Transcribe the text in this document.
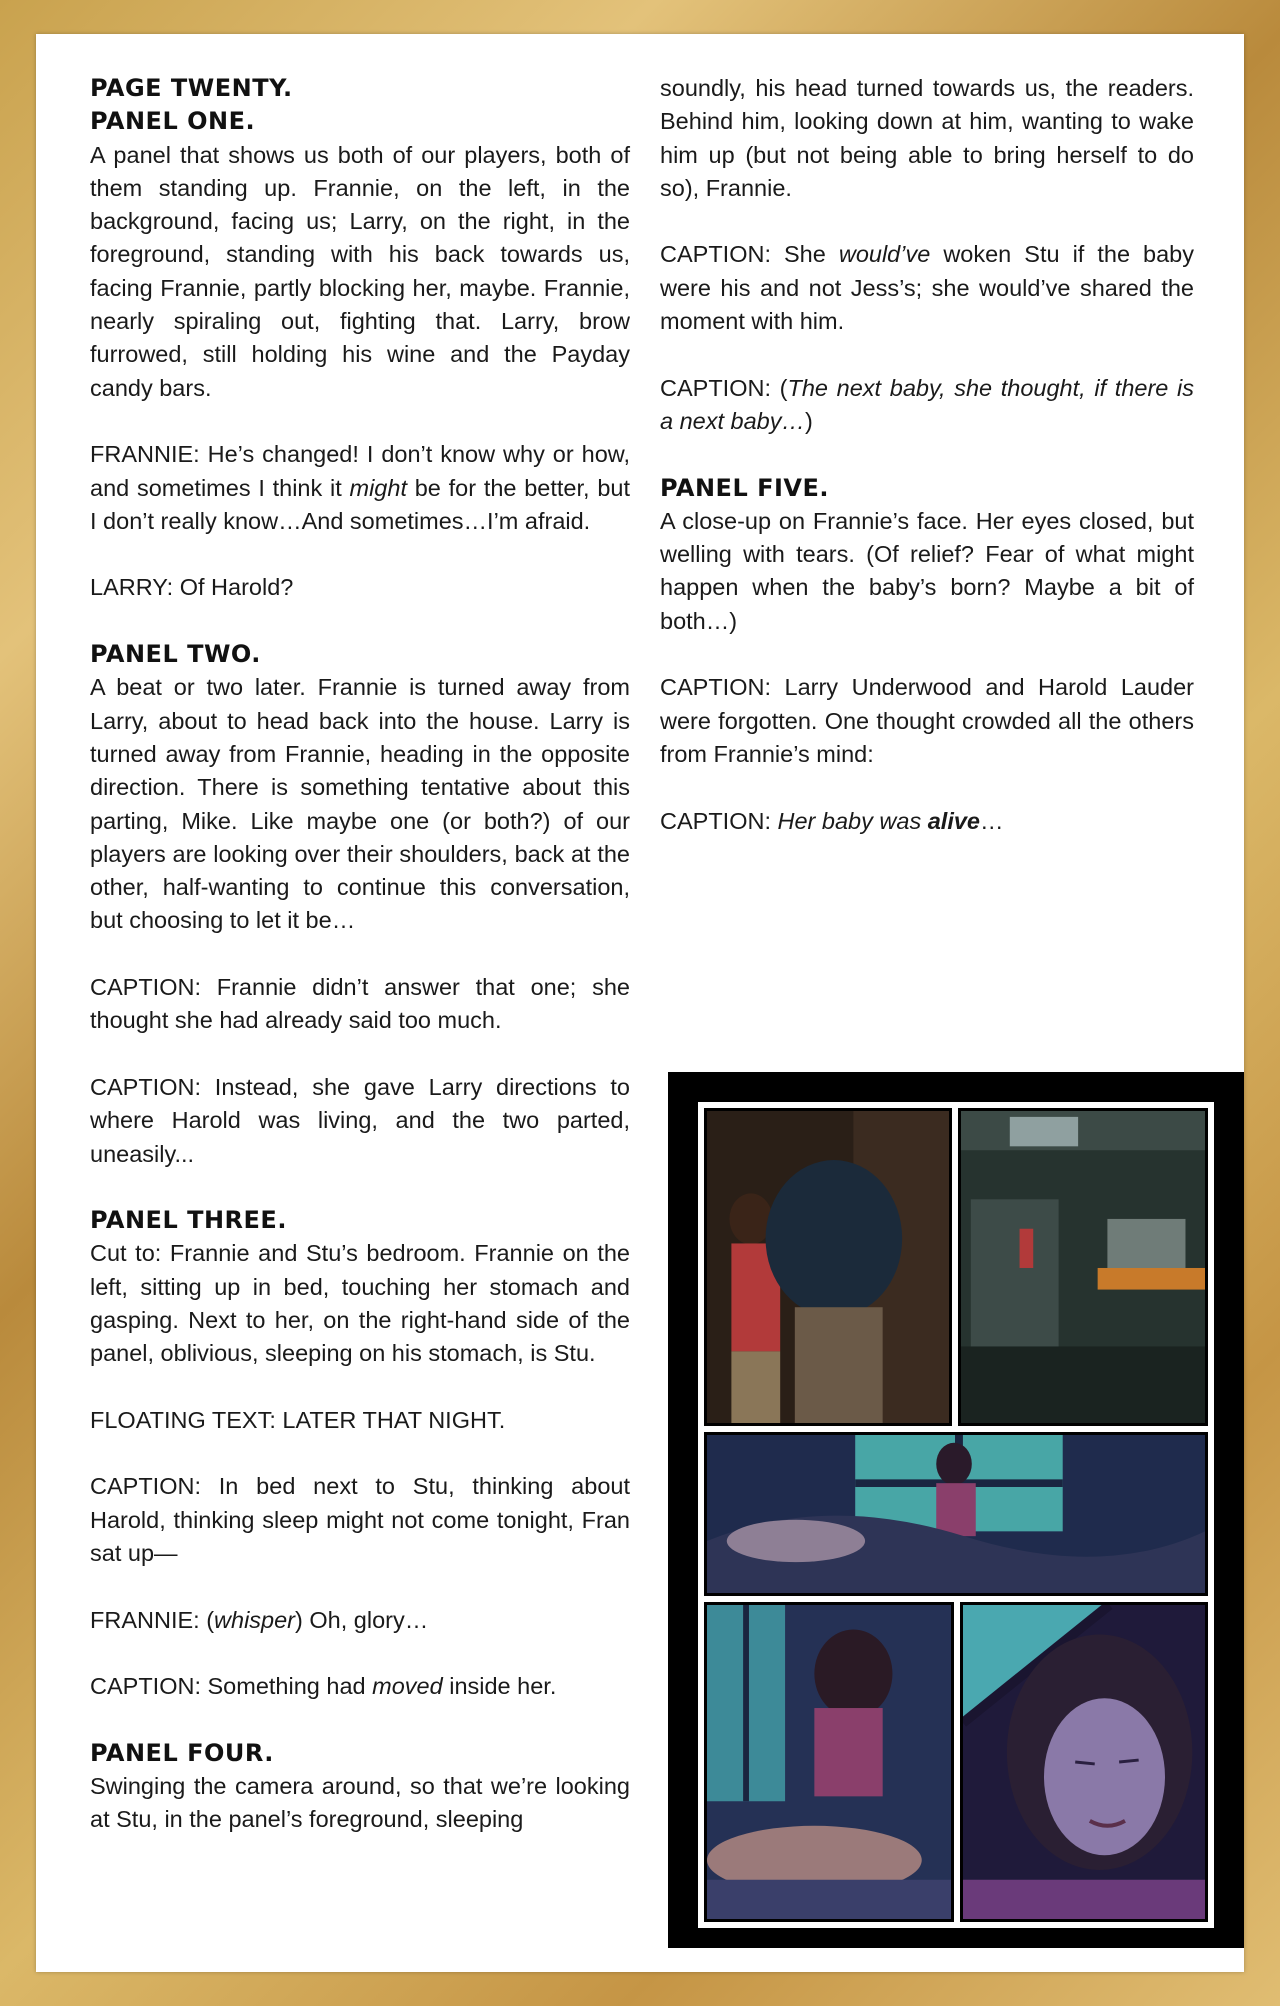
PAGE TWENTY.
PANEL ONE.

A panel that shows us both of our players, both of them standing up. Frannie, on the left, in the background, facing us; Larry, on the right, in the foreground, standing with his back towards us, facing Frannie, partly blocking her, maybe. Frannie, nearly spiraling out, fighting that. Larry, brow furrowed, still holding his wine and the Payday candy bars.

FRANNIE: He’s changed! I don’t know why or how, and sometimes I think it might be for the better, but I don’t really know…And sometimes…I’m afraid.

LARRY: Of Harold?

PANEL TWO.

A beat or two later. Frannie is turned away from Larry, about to head back into the house. Larry is turned away from Frannie, heading in the opposite direction. There is something tentative about this parting, Mike. Like maybe one (or both?) of our players are looking over their shoulders, back at the other, half-wanting to continue this conversation, but choosing to let it be…

CAPTION: Frannie didn’t answer that one; she thought she had already said too much.

CAPTION: Instead, she gave Larry directions to where Harold was living, and the two parted, uneasily...

PANEL THREE.

Cut to: Frannie and Stu’s bedroom. Frannie on the left, sitting up in bed, touching her stomach and gasping. Next to her, on the right-hand side of the panel, oblivious, sleeping on his stomach, is Stu.

FLOATING TEXT: LATER THAT NIGHT.

CAPTION: In bed next to Stu, thinking about Harold, thinking sleep might not come tonight, Fran sat up—

FRANNIE: (whisper) Oh, glory…

CAPTION: Something had moved inside her.

PANEL FOUR.

Swinging the camera around, so that we’re looking at Stu, in the panel’s foreground, sleeping

soundly, his head turned towards us, the readers. Behind him, looking down at him, wanting to wake him up (but not being able to bring herself to do so), Frannie.

CAPTION: She would’ve woken Stu if the baby were his and not Jess’s; she would’ve shared the moment with him.

CAPTION: (The next baby, she thought, if there is a next baby…)

PANEL FIVE.

A close-up on Frannie’s face. Her eyes closed, but welling with tears. (Of relief? Fear of what might happen when the baby’s born? Maybe a bit of both…)

CAPTION: Larry Underwood and Harold Lauder were forgotten. One thought crowded all the others from Frannie’s mind:

CAPTION: Her baby was alive…
